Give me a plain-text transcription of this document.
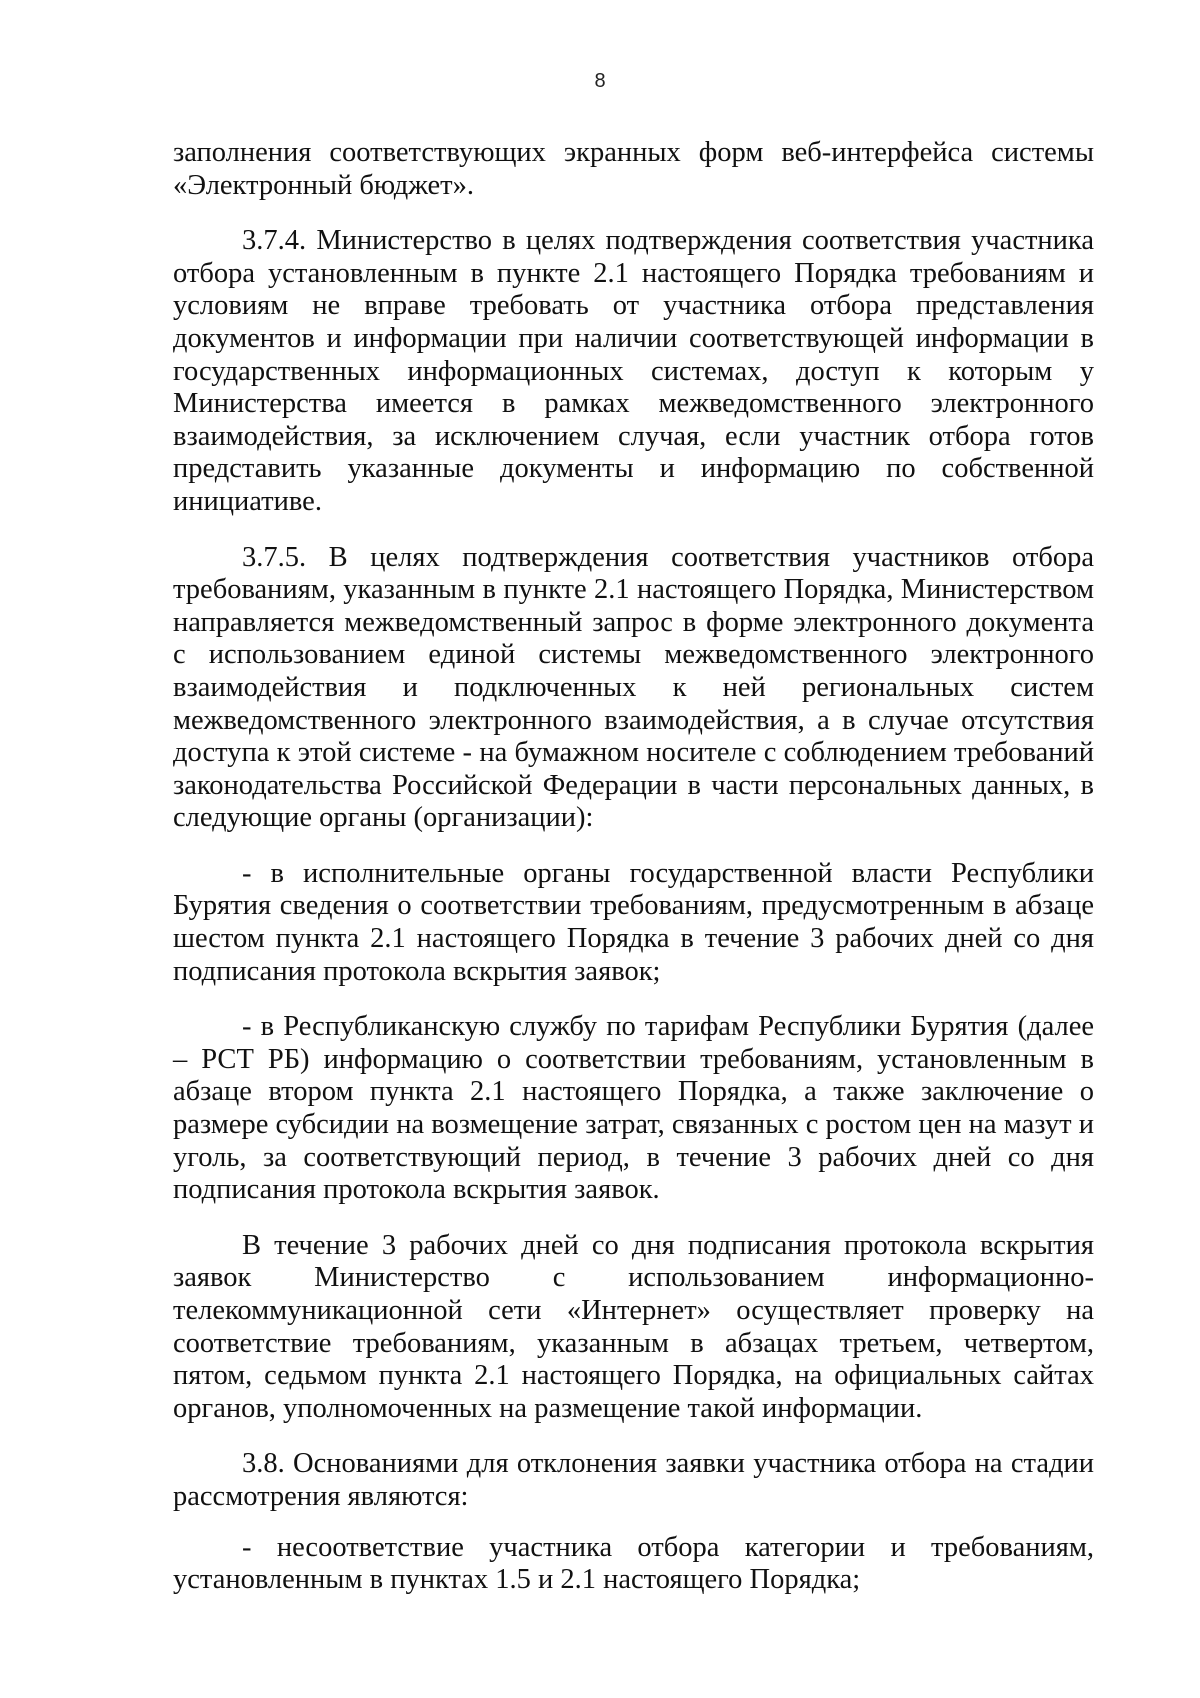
8

заполнения соответствующих экранных форм веб-интерфейса системы «Электронный бюджет».

3.7.4. Министерство в целях подтверждения соответствия участника отбора установленным в пункте 2.1 настоящего Порядка требованиям и условиям не вправе требовать от участника отбора представления документов и информации при наличии соответствующей информации в государственных информационных системах, доступ к которым у Министерства имеется в рамках межведомственного электронного взаимодействия, за исключением случая, если участник отбора готов представить указанные документы и информацию по собственной инициативе.

3.7.5. В целях подтверждения соответствия участников отбора требованиям, указанным в пункте 2.1 настоящего Порядка, Министерством направляется межведомственный запрос в форме электронного документа с использованием единой системы межведомственного электронного взаимодействия и подключенных к ней региональных систем межведомственного электронного взаимодействия, а в случае отсутствия доступа к этой системе - на бумажном носителе с соблюдением требований законодательства Российской Федерации в части персональных данных, в следующие органы (организации):

- в исполнительные органы государственной власти Республики Бурятия сведения о соответствии требованиям, предусмотренным в абзаце шестом пункта 2.1 настоящего Порядка в течение 3 рабочих дней со дня подписания протокола вскрытия заявок;

- в Республиканскую службу по тарифам Республики Бурятия (далее – РСТ РБ) информацию о соответствии требованиям, установленным в абзаце втором пункта 2.1 настоящего Порядка, а также заключение о размере субсидии на возмещение затрат, связанных с ростом цен на мазут и уголь, за соответствующий период, в течение 3 рабочих дней со дня подписания протокола вскрытия заявок.

В течение 3 рабочих дней со дня подписания протокола вскрытия заявок Министерство с использованием информационно-телекоммуникационной сети «Интернет» осуществляет проверку на соответствие требованиям, указанным в абзацах третьем, четвертом, пятом, седьмом пункта 2.1 настоящего Порядка, на официальных сайтах органов, уполномоченных на размещение такой информации.

3.8. Основаниями для отклонения заявки участника отбора на стадии рассмотрения являются:

- несоответствие участника отбора категории и требованиям, установленным в пунктах 1.5 и 2.1 настоящего Порядка;
